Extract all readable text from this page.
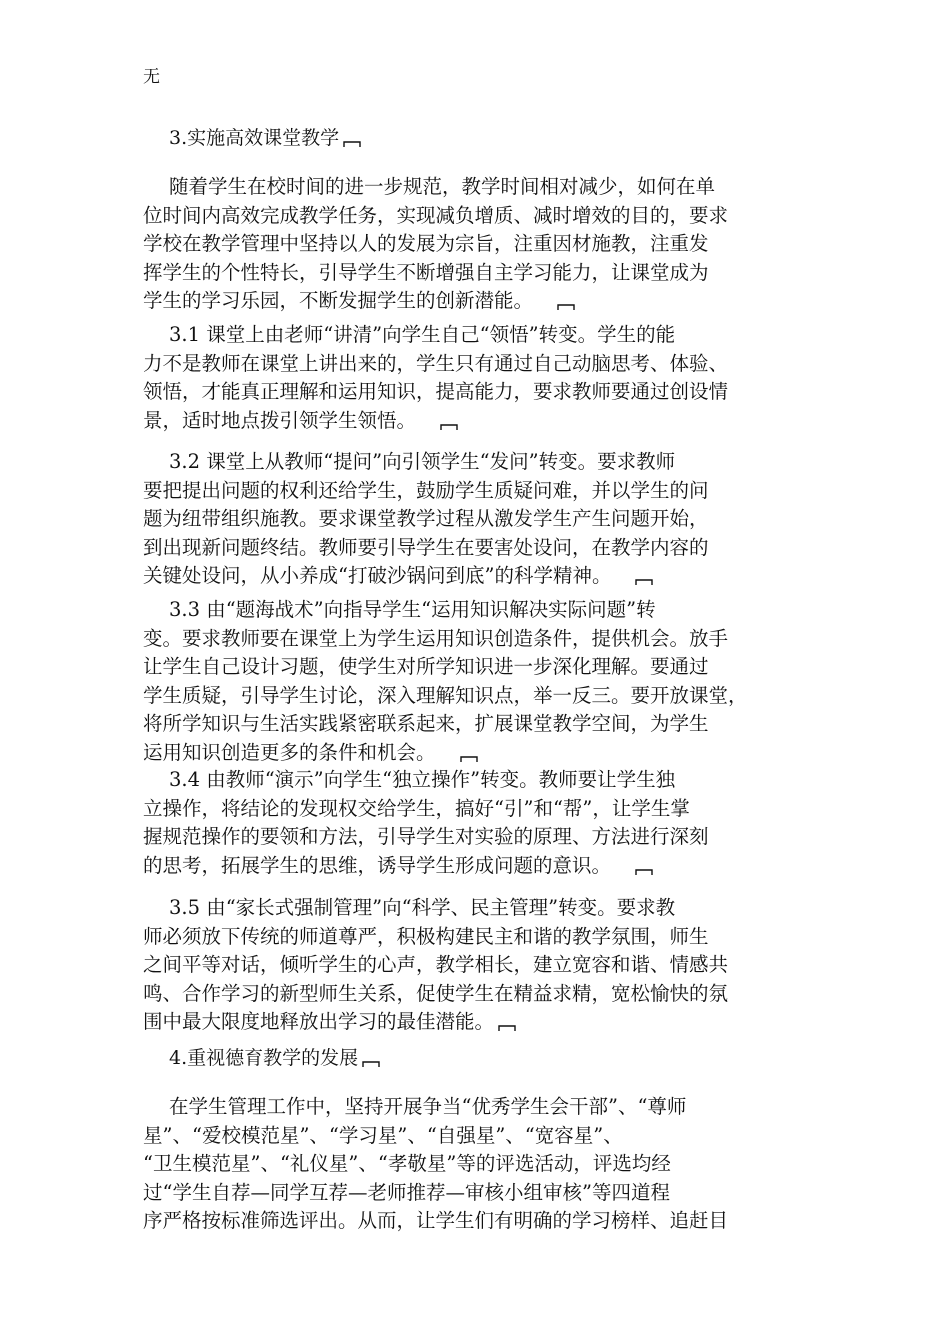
无
3.实施高效课堂教学
随着学生在校时间的进一步规范，教学时间相对减少，如何在单
位时间内高效完成教学任务，实现减负增质、减时增效的目的，要求
学校在教学管理中坚持以人的发展为宗旨，注重因材施教，注重发
挥学生的个性特长，引导学生不断增强自主学习能力，让课堂成为
学生的学习乐园，不断发掘学生的创新潜能。
3.1 课堂上由老师“讲清”向学生自己“领悟”转变。学生的能
力不是教师在课堂上讲出来的，学生只有通过自己动脑思考、体验、
领悟，才能真正理解和运用知识，提高能力，要求教师要通过创设情
景，适时地点拨引领学生领悟。
3.2 课堂上从教师“提问”向引领学生“发问”转变。要求教师
要把提出问题的权利还给学生，鼓励学生质疑问难，并以学生的问
题为纽带组织施教。要求课堂教学过程从激发学生产生问题开始，
到出现新问题终结。教师要引导学生在要害处设问，在教学内容的
关键处设问，从小养成“打破沙锅问到底”的科学精神。
3.3 由“题海战术”向指导学生“运用知识解决实际问题”转
变。要求教师要在课堂上为学生运用知识创造条件，提供机会。放手
让学生自己设计习题，使学生对所学知识进一步深化理解。要通过
学生质疑，引导学生讨论，深入理解知识点，举一反三。要开放课堂，
将所学知识与生活实践紧密联系起来，扩展课堂教学空间，为学生
运用知识创造更多的条件和机会。
3.4 由教师“演示”向学生“独立操作”转变。教师要让学生独
立操作，将结论的发现权交给学生，搞好“引”和“帮”，让学生掌
握规范操作的要领和方法，引导学生对实验的原理、方法进行深刻
的思考，拓展学生的思维，诱导学生形成问题的意识。
3.5 由“家长式强制管理”向“科学、民主管理”转变。要求教
师必须放下传统的师道尊严，积极构建民主和谐的教学氛围，师生
之间平等对话，倾听学生的心声，教学相长，建立宽容和谐、情感共
鸣、合作学习的新型师生关系，促使学生在精益求精，宽松愉快的氛
围中最大限度地释放出学习的最佳潜能。
4.重视德育教学的发展
在学生管理工作中，坚持开展争当“优秀学生会干部”、“尊师
星”、“爱校模范星”、“学习星”、“自强星”、“宽容星”、
“卫生模范星”、“礼仪星”、“孝敬星”等的评选活动，评选均经
过“学生自荐—同学互荐—老师推荐—审核小组审核”等四道程
序严格按标准筛选评出。从而，让学生们有明确的学习榜样、追赶目
